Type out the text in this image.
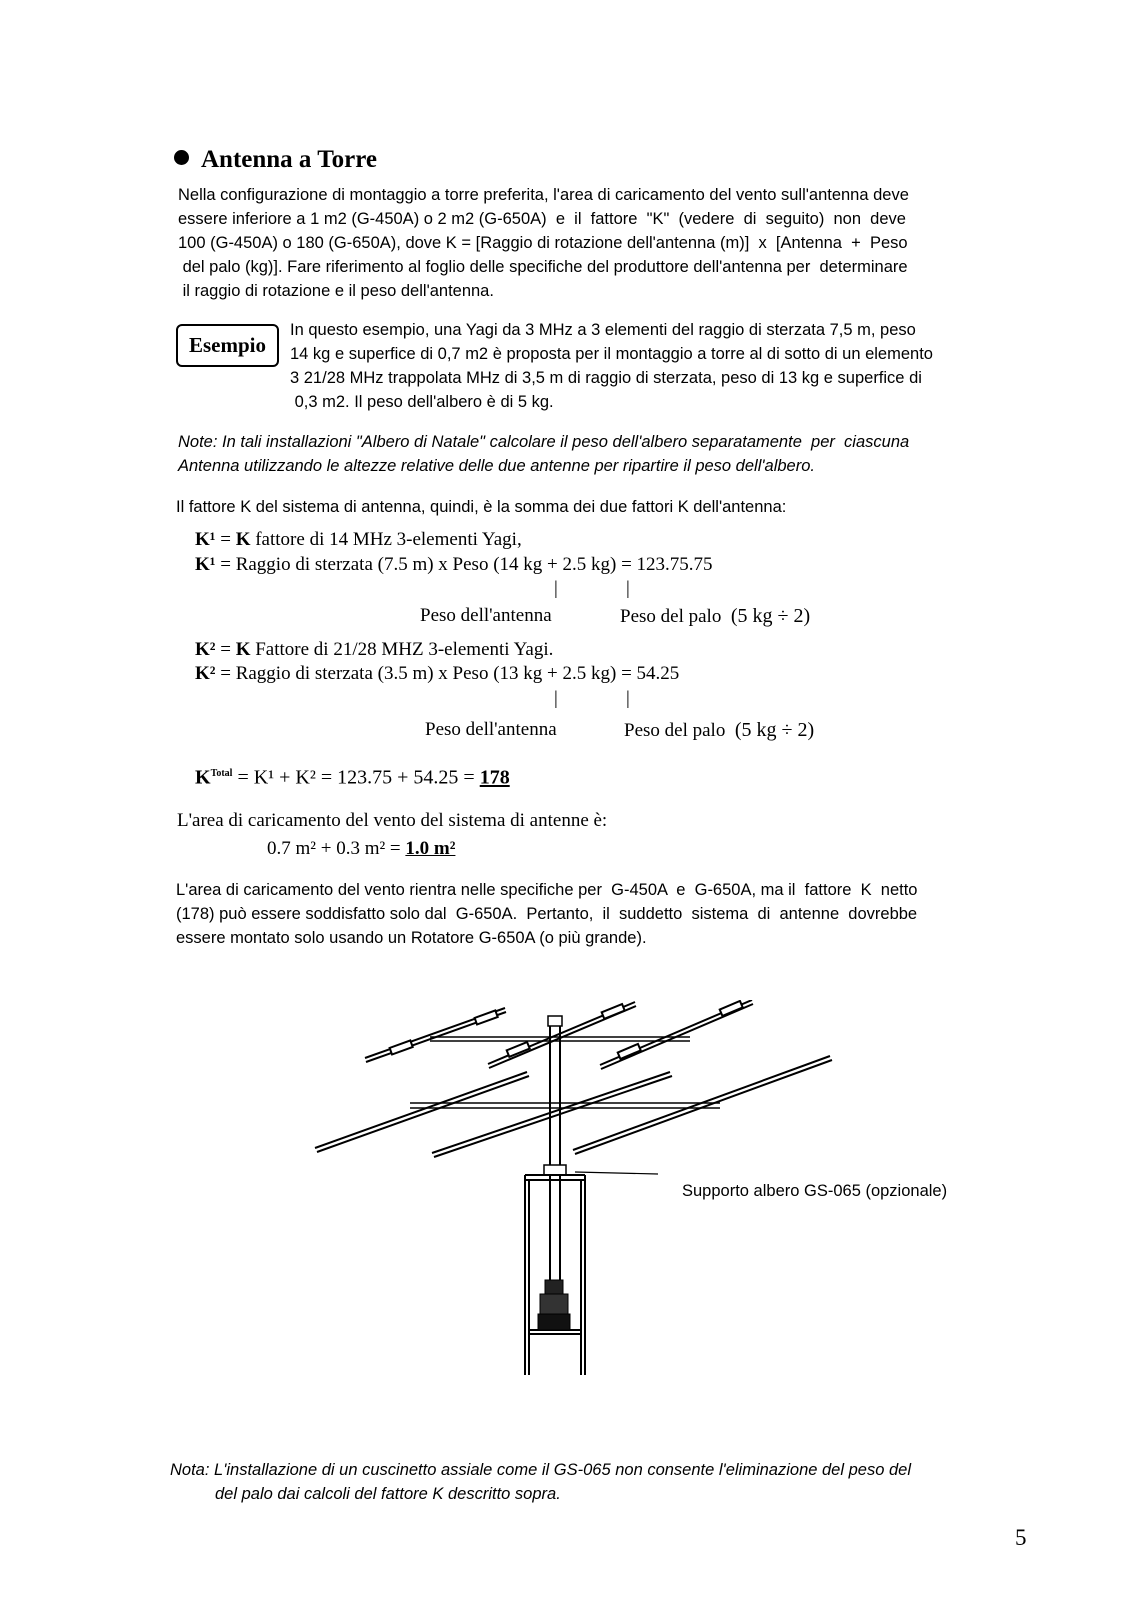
Antenna a Torre
Nella configurazione di montaggio a torre preferita, l'area di caricamento del vento sull'antenna deve
essere inferiore a 1 m2 (G-450A) o 2 m2 (G-650A)  e  il  fattore  "K"  (vedere  di  seguito)  non  deve
100 (G-450A) o 180 (G-650A), dove K = [Raggio di rotazione dell'antenna (m)]  x  [Antenna  +  Peso
del palo (kg)]. Fare riferimento al foglio delle specifiche del produttore dell'antenna per  determinare
il raggio di rotazione e il peso dell'antenna.
Esempio
In questo esempio, una Yagi da 3 MHz a 3 elementi del raggio di sterzata 7,5 m, peso
14 kg e superfice di 0,7 m2 è proposta per il montaggio a torre al di sotto di un elemento
3 21/28 MHz trappolata MHz di 3,5 m di raggio di sterzata, peso di 13 kg e superfice di
0,3 m2. Il peso dell'albero è di 5 kg.
Note: In tali installazioni "Albero di Natale" calcolare il peso dell'albero separatamente  per  ciascuna
Antenna utilizzando le altezze relative delle due antenne per ripartire il peso dell'albero.
Il fattore K del sistema di antenna, quindi, è la somma dei due fattori K dell'antenna:
K¹ = K fattore di 14 MHz 3-elementi Yagi,
K¹ = Raggio di sterzata (7.5 m) x Peso (14 kg + 2.5 kg) = 123.75.75
|	|
Peso dell'antenna	Peso del palo (5 kg ÷ 2)
K² = K Fattore di 21/28 MHZ 3-elementi Yagi.
K² = Raggio di sterzata (3.5 m) x Peso (13 kg + 2.5 kg) = 54.25
|	|
Peso dell'antenna	Peso del palo (5 kg ÷ 2)
$K^{Total} = K^1 + K^2 = 123.75 + 54.25 = 178$
L'area di caricamento del vento del sistema di antenne è:
0.7 m² + 0.3 m² = 1.0 m²
L'area di caricamento del vento rientra nelle specifiche per  G-450A  e  G-650A, ma il  fattore  K  netto
(178) può essere soddisfatto solo dal  G-650A.  Pertanto,  il  suddetto  sistema  di  antenne  dovrebbe
essere montato solo usando un Rotatore G-650A (o più grande).
Supporto albero GS-065 (opzionale)
Nota: L'installazione di un cuscinetto assiale come il GS-065 non consente l'eliminazione del peso del
del palo dai calcoli del fattore K descritto sopra.
5
